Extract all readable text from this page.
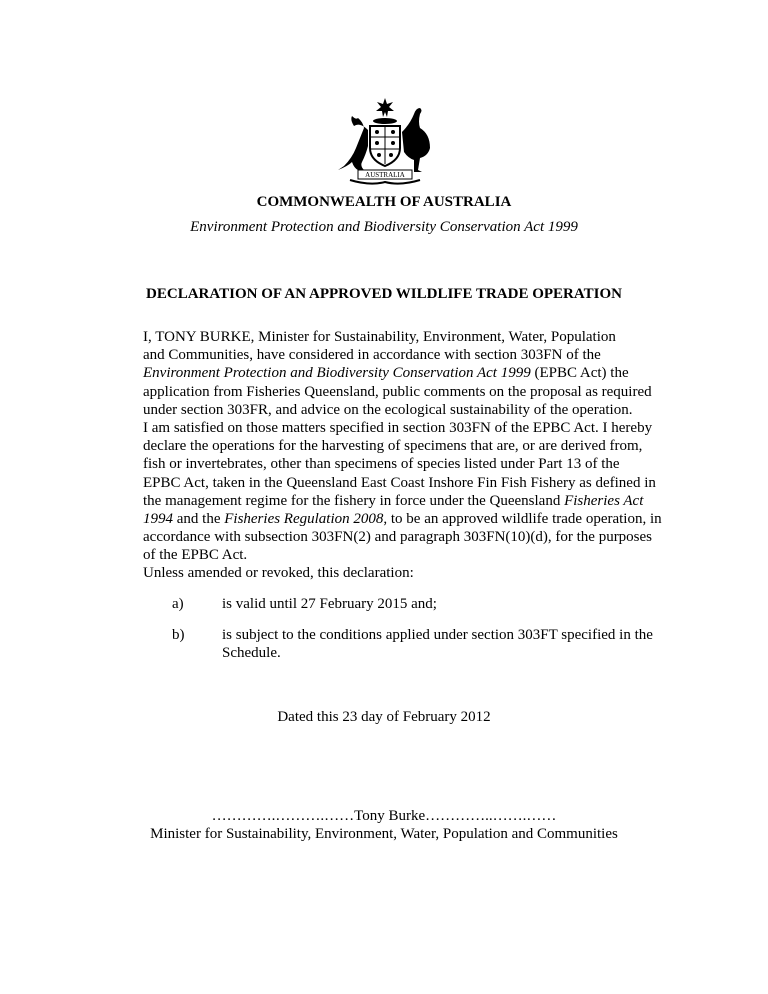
AUSTRALIA
COMMONWEALTH OF AUSTRALIA
Environment Protection and Biodiversity Conservation Act 1999
DECLARATION OF AN APPROVED WILDLIFE TRADE OPERATION

I, TONY BURKE, Minister for Sustainability, Environment, Water, Population

and Communities, have considered in accordance with section 303FN of the

Environment Protection and Biodiversity Conservation Act 1999 (EPBC Act) the

application from Fisheries Queensland, public comments on the proposal as required

under section 303FR, and advice on the ecological sustainability of the operation.

I am satisfied on those matters specified in section 303FN of the EPBC Act. I hereby

declare the operations for the harvesting of specimens that are, or are derived from,

fish or invertebrates, other than specimens of species listed under Part 13 of the

EPBC Act, taken in the Queensland East Coast Inshore Fin Fish Fishery as defined in

the management regime for the fishery in force under the Queensland Fisheries Act

1994 and the Fisheries Regulation 2008, to be an approved wildlife trade operation, in

accordance with subsection 303FN(2) and paragraph 303FN(10)(d), for the purposes

of the EPBC Act.

Unless amended or revoked, this declaration:
a)	is valid until 27 February 2015 and;
b)	is subject to the conditions applied under section 303FT specified in the Schedule.
Dated this 23 day of February 2012
………….……….……Tony Burke…………..…….……
Minister for Sustainability, Environment, Water, Population and Communities
